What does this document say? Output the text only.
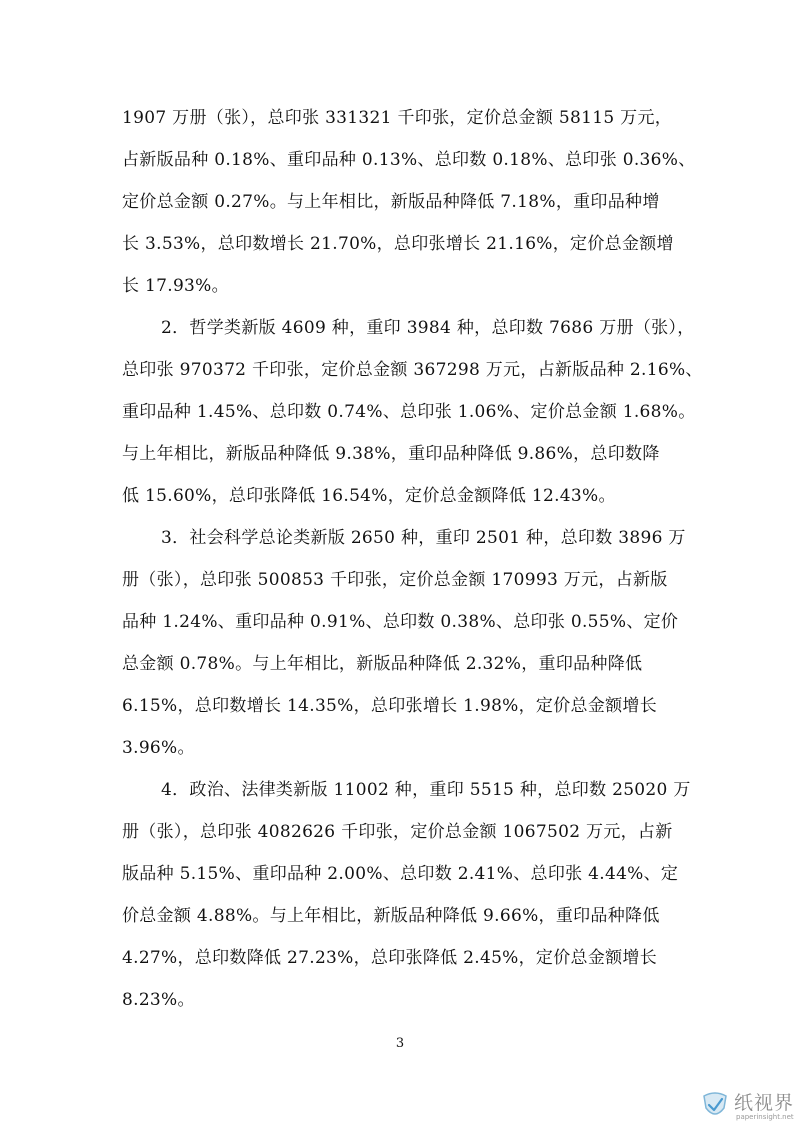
1907 万册（张），总印张 331321 千印张，定价总金额 58115 万元，
占新版品种 0.18%、重印品种 0.13%、总印数 0.18%、总印张 0.36%、
定价总金额 0.27%。与上年相比，新版品种降低 7.18%，重印品种增
长 3.53%，总印数增长 21.70%，总印张增长 21.16%，定价总金额增
长 17.93%。
2．哲学类新版 4609 种，重印 3984 种，总印数 7686 万册（张），
总印张 970372 千印张，定价总金额 367298 万元，占新版品种 2.16%、
重印品种 1.45%、总印数 0.74%、总印张 1.06%、定价总金额 1.68%。
与上年相比，新版品种降低 9.38%，重印品种降低 9.86%，总印数降
低 15.60%，总印张降低 16.54%，定价总金额降低 12.43%。
3．社会科学总论类新版 2650 种，重印 2501 种，总印数 3896 万
册（张），总印张 500853 千印张，定价总金额 170993 万元，占新版
品种 1.24%、重印品种 0.91%、总印数 0.38%、总印张 0.55%、定价
总金额 0.78%。与上年相比，新版品种降低 2.32%，重印品种降低
6.15%，总印数增长 14.35%，总印张增长 1.98%，定价总金额增长
3.96%。
4．政治、法律类新版 11002 种，重印 5515 种，总印数 25020 万
册（张），总印张 4082626 千印张，定价总金额 1067502 万元，占新
版品种 5.15%、重印品种 2.00%、总印数 2.41%、总印张 4.44%、定
价总金额 4.88%。与上年相比，新版品种降低 9.66%，重印品种降低
4.27%，总印数降低 27.23%，总印张降低 2.45%，定价总金额增长
8.23%。
3
纸视界
paperinsight.net
